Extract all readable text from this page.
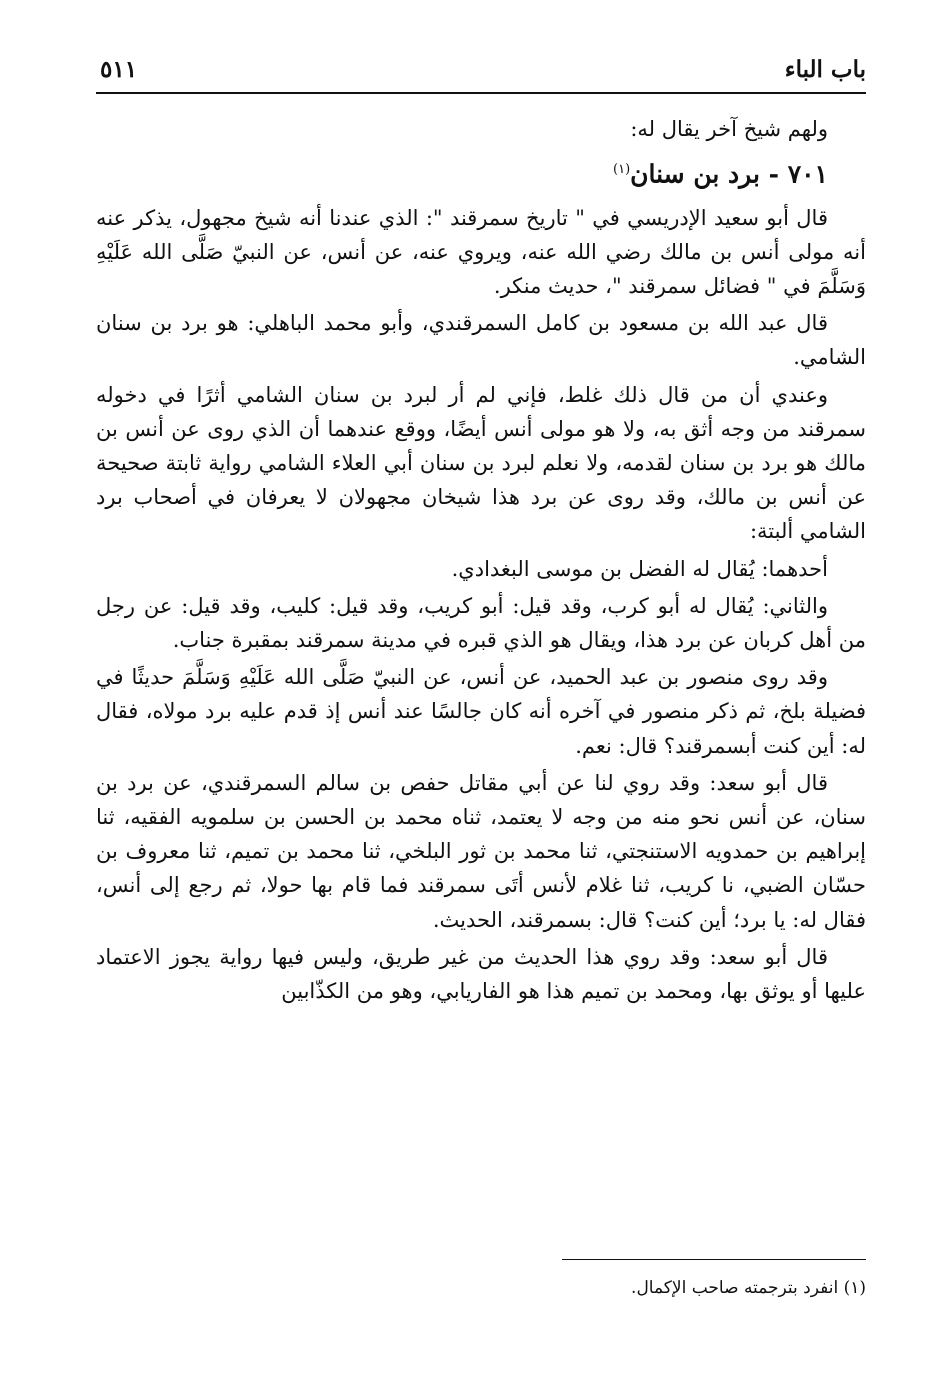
باب الباء
٥١١

ولهم شيخ آخر يقال له:

٧٠١ - برد بن سنان$^{(١)}$

قال أبو سعيد الإدريسي في " تاريخ سمرقند ": الذي عندنا أنه شيخ مجهول، يذكر عنه أنه مولى أنس بن مالك رضي الله عنه، ويروي عنه، عن أنس، عن النبيّ صَلَّى الله عَلَيْهِ وَسَلَّمَ في " فضائل سمرقند "، حديث منكر.

قال عبد الله بن مسعود بن كامل السمرقندي، وأبو محمد الباهلي: هو برد بن سنان الشامي.

وعندي أن من قال ذلك غلط، فإني لم أر لبرد بن سنان الشامي أثرًا في دخوله سمرقند من وجه أثق به، ولا هو مولى أنس أيضًا، ووقع عندهما أن الذي روى عن أنس بن مالك هو برد بن سنان لقدمه، ولا نعلم لبرد بن سنان أبي العلاء الشامي رواية ثابتة صحيحة عن أنس بن مالك، وقد روى عن برد هذا شيخان مجهولان لا يعرفان في أصحاب برد الشامي ألبتة:

أحدهما: يُقال له الفضل بن موسى البغدادي.

والثاني: يُقال له أبو كرب، وقد قيل: أبو كريب، وقد قيل: كليب، وقد قيل: عن رجل من أهل كربان عن برد هذا، ويقال هو الذي قبره في مدينة سمرقند بمقبرة جناب.

وقد روى منصور بن عبد الحميد، عن أنس، عن النبيّ صَلَّى الله عَلَيْهِ وَسَلَّمَ حديثًا في فضيلة بلخ، ثم ذكر منصور في آخره أنه كان جالسًا عند أنس إذ قدم عليه برد مولاه، فقال له: أين كنت أبسمرقند؟ قال: نعم.

قال أبو سعد: وقد روي لنا عن أبي مقاتل حفص بن سالم السمرقندي، عن برد بن سنان، عن أنس نحو منه من وجه لا يعتمد، ثناه محمد بن الحسن بن سلمويه الفقيه، ثنا إبراهيم بن حمدويه الاستنجتي، ثنا محمد بن ثور البلخي، ثنا محمد بن تميم، ثنا معروف بن حسّان الضبي، نا كريب، ثنا غلام لأنس أتَى سمرقند فما قام بها حولا، ثم رجع إلى أنس، فقال له: يا برد؛ أين كنت؟ قال: بسمرقند، الحديث.

قال أبو سعد: وقد روي هذا الحديث من غير طريق، وليس فيها رواية يجوز الاعتماد عليها أو يوثق بها، ومحمد بن تميم هذا هو الفاريابي، وهو من الكذّابين

(١) انفرد بترجمته صاحب الإكمال.
